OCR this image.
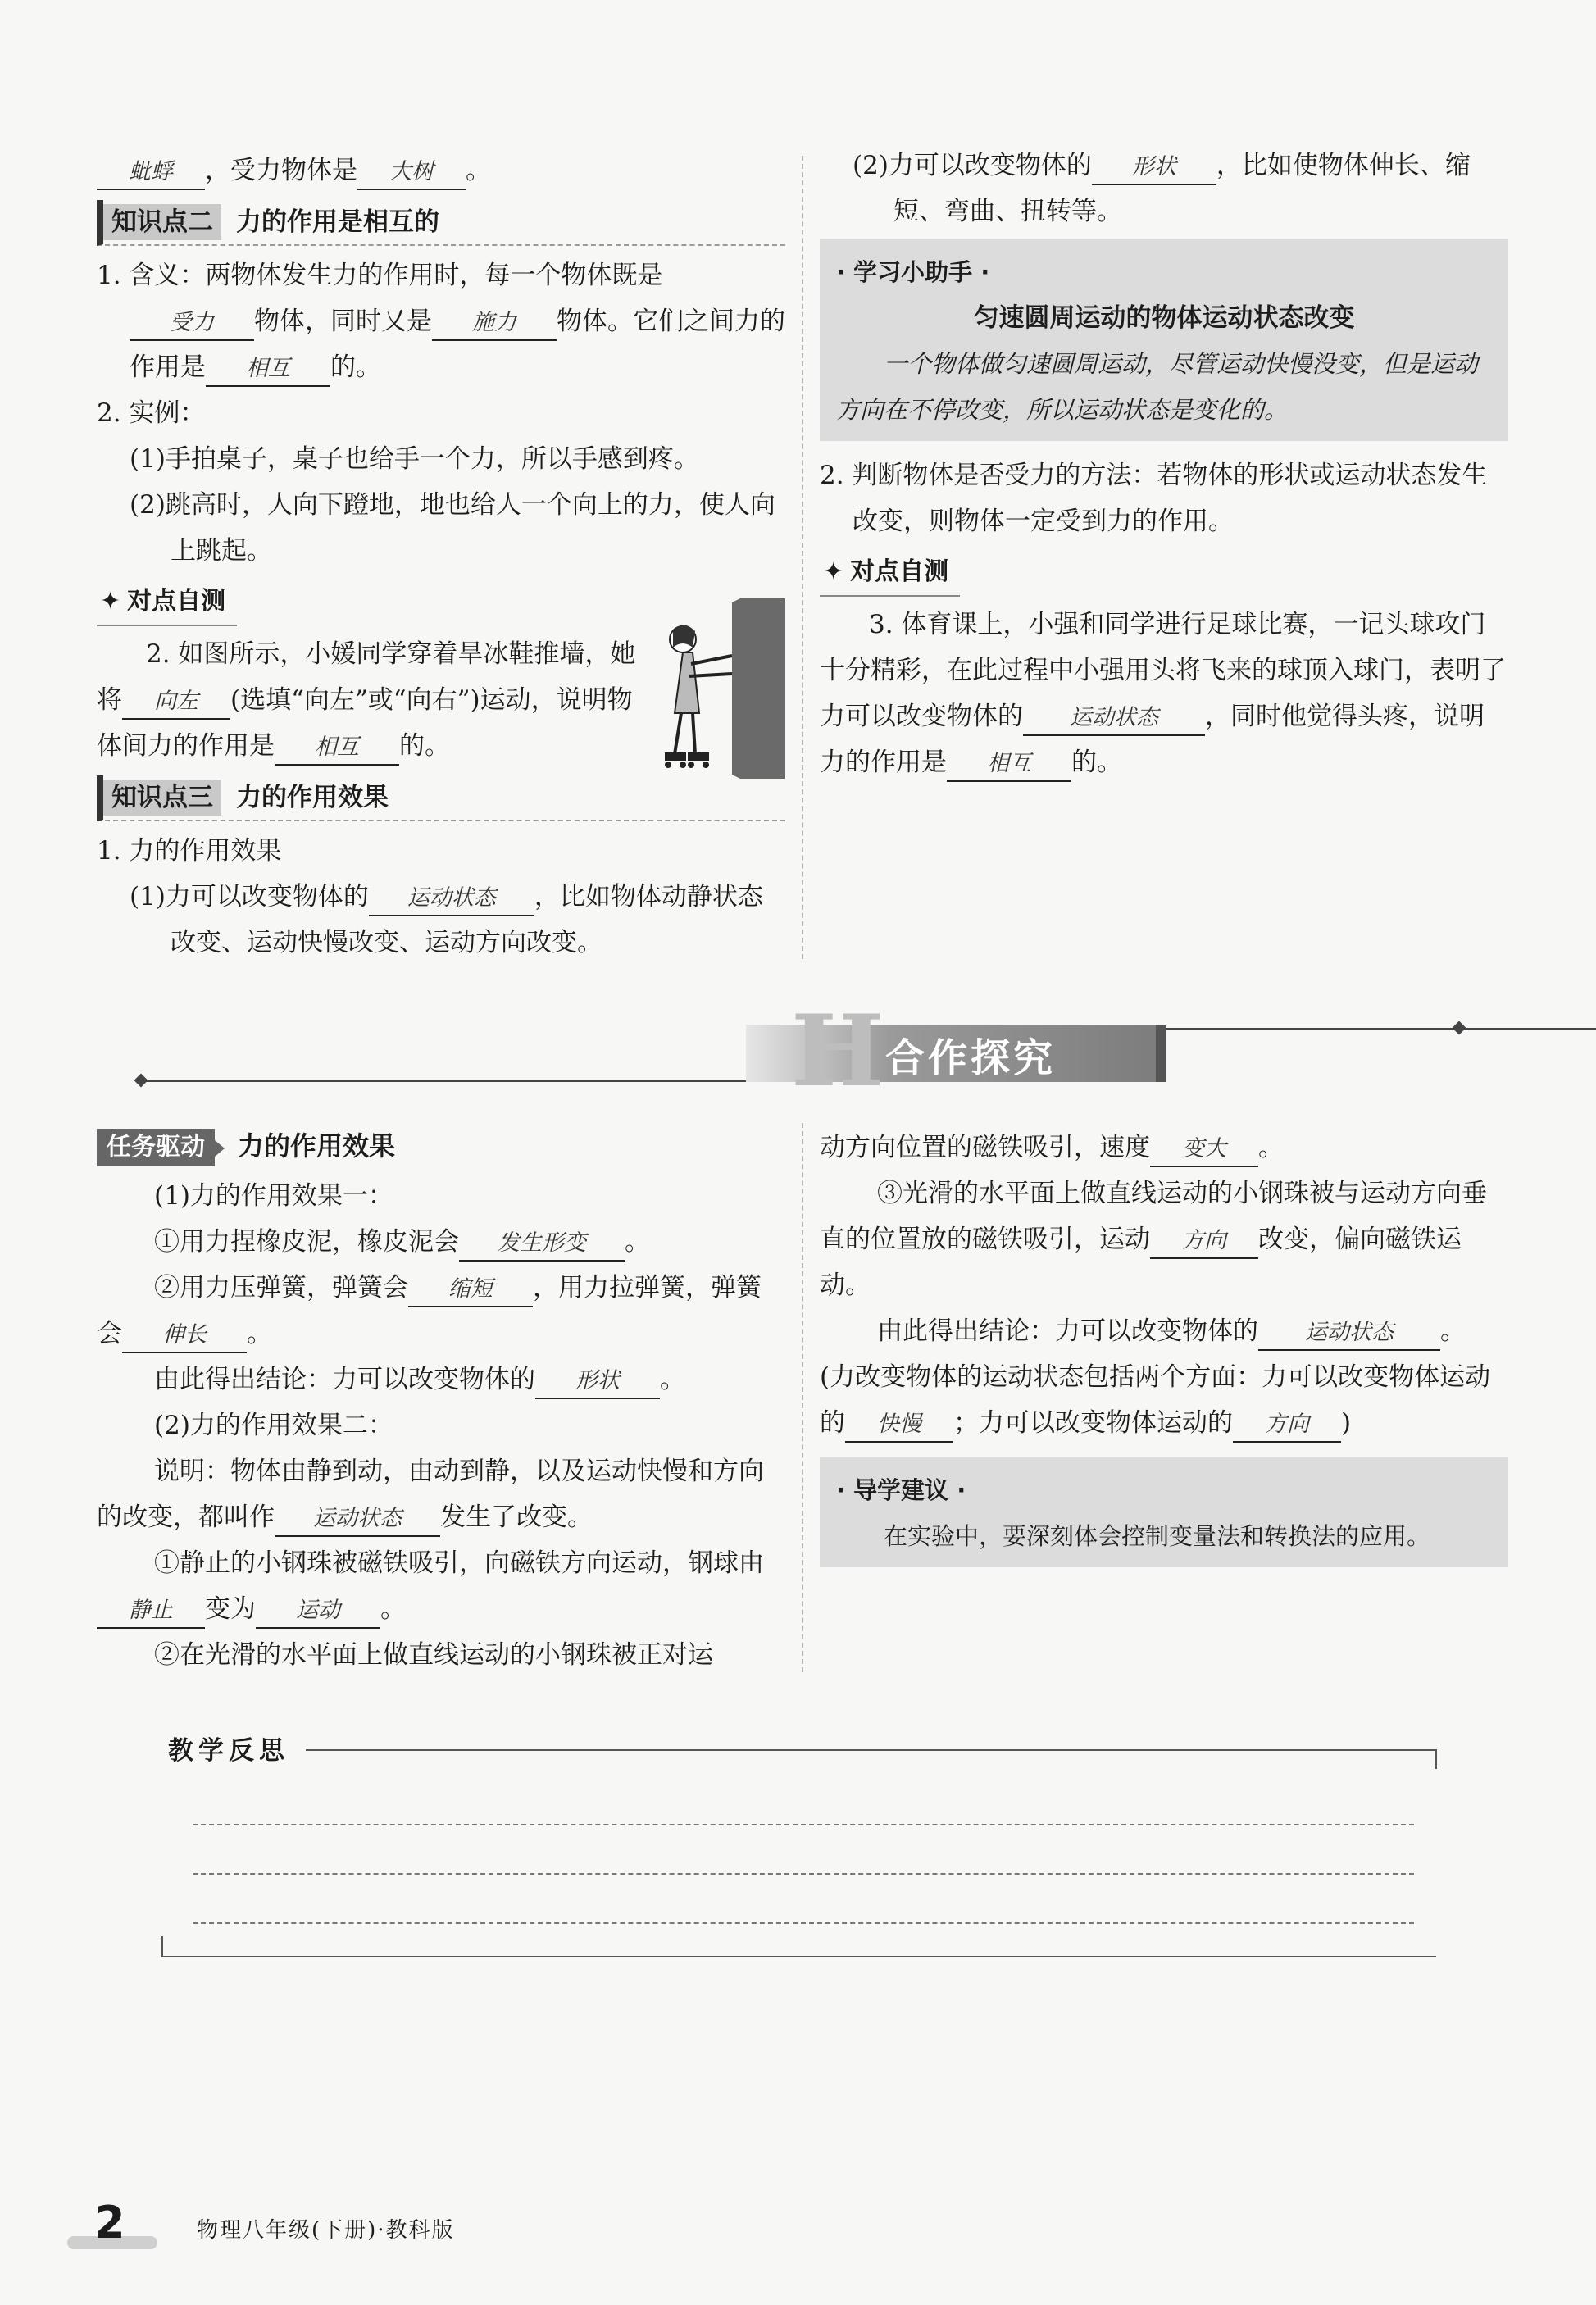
蚍蜉 ，受力物体是 大树 。

知识点二 力的作用是相互的

1. 含义：两物体发生力的作用时，每一个物体既是受力 物体，同时又是 施力 物体。它们之间力的作用是 相互 的。

2. 实例：

(1)手拍桌子，桌子也给手一个力，所以手感到疼。

(2)跳高时，人向下蹬地，地也给人一个向上的力，使人向上跳起。

✦ 对点自测

2. 如图所示，小媛同学穿着旱冰鞋推墙，她将 向左 (选填“向左”或“向右”)运动，说明物体间力的作用是 相互 的。

知识点三 力的作用效果

1. 力的作用效果

(1)力可以改变物体的 运动状态 ，比如物体动静状态改变、运动快慢改变、运动方向改变。

(2)力可以改变物体的 形状 ，比如使物体伸长、缩短、弯曲、扭转等。

· 学习小助手 ·
匀速圆周运动的物体运动状态改变
一个物体做匀速圆周运动，尽管运动快慢没变，但是运动方向在不停改变，所以运动状态是变化的。

2. 判断物体是否受力的方法：若物体的形状或运动状态发生改变，则物体一定受到力的作用。

✦ 对点自测

3. 体育课上，小强和同学进行足球比赛，一记头球攻门十分精彩，在此过程中小强用头将飞来的球顶入球门，表明了力可以改变物体的 运动状态 ，同时他觉得头疼，说明力的作用是 相互 的。

H 合作探究
任务驱动 力的作用效果

(1)力的作用效果一：

①用力捏橡皮泥，橡皮泥会 发生形变 。

②用力压弹簧，弹簧会 缩短 ，用力拉弹簧，弹簧会 伸长 。

由此得出结论：力可以改变物体的 形状 。

(2)力的作用效果二：

说明：物体由静到动，由动到静，以及运动快慢和方向的改变，都叫作 运动状态 发生了改变。

①静止的小钢珠被磁铁吸引，向磁铁方向运动，钢球由静止 变为 运动 。

②在光滑的水平面上做直线运动的小钢珠被正对运

动方向位置的磁铁吸引，速度 变大 。

③光滑的水平面上做直线运动的小钢珠被与运动方向垂直的位置放的磁铁吸引，运动 方向 改变，偏向磁铁运动。

由此得出结论：力可以改变物体的 运动状态 。

(力改变物体的运动状态包括两个方面：力可以改变物体运动的 快慢 ；力可以改变物体运动的 方向 )

· 导学建议 ·
在实验中，要深刻体会控制变量法和转换法的应用。
教学反思
2	物理八年级(下册)·教科版
